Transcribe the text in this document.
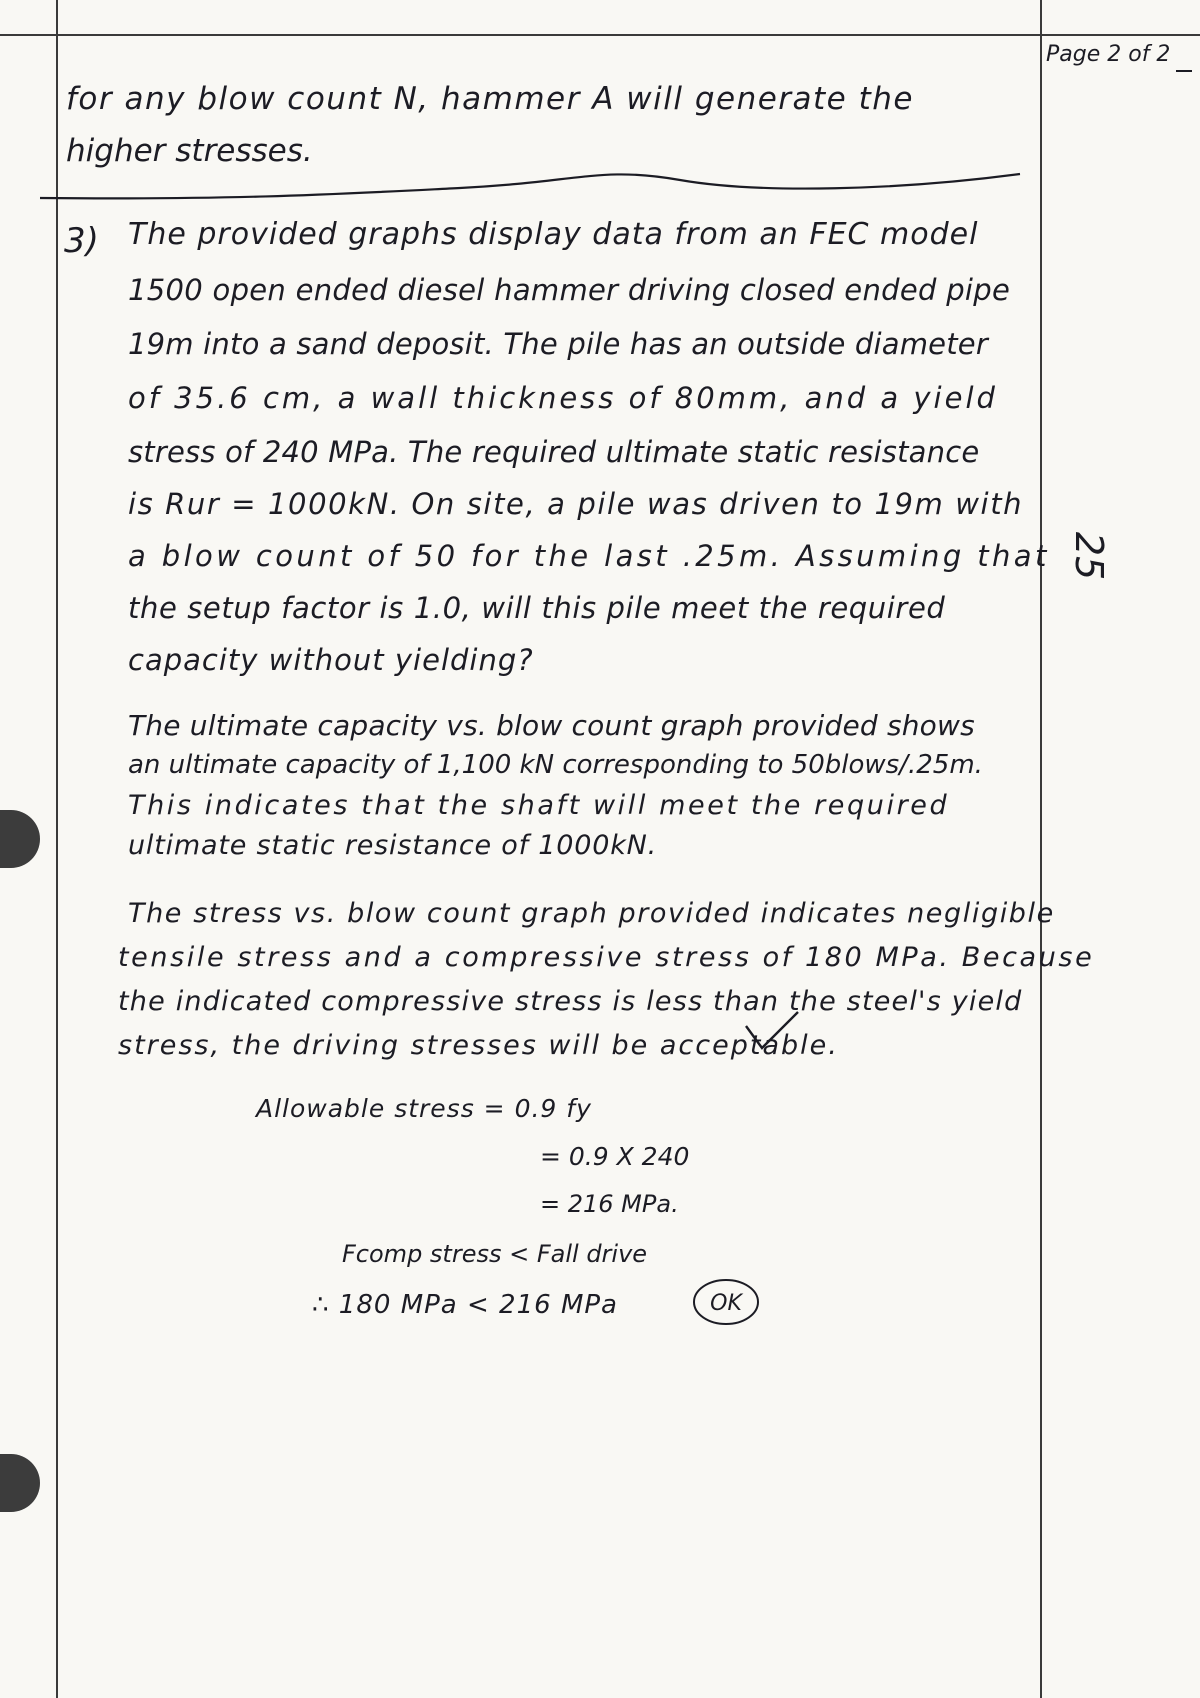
Page 2 of 2
for any blow count N, hammer A will generate the
higher stresses.
3) The provided graphs display data from an FEC model
1500 open ended diesel hammer driving closed ended pipe
19m into a sand deposit. The pile has an outside diameter
of 35.6 cm, a wall thickness of 80mm, and a yield
stress of 240 MPa. The required ultimate static resistance
is Rur = 1000kN. On site, a pile was driven to 19m with
a blow count of 50 for the last .25m. Assuming that
the setup factor is 1.0, will this pile meet the required
capacity without yielding?
25
The ultimate capacity vs. blow count graph provided shows
an ultimate capacity of 1,100 kN corresponding to 50blows/.25m.
This indicates that the shaft will meet the required
ultimate static resistance of 1000kN.
The stress vs. blow count graph provided indicates negligible
tensile stress and a compressive stress of 180 MPa. Because
the indicated compressive stress is less than the steel's yield
stress, the driving stresses will be acceptable.
Allowable stress = 0.9 fy
= 0.9 X 240
= 216 MPa.
Fcomp stress < Fall drive
∴ 180 MPa < 216 MPa	OK
